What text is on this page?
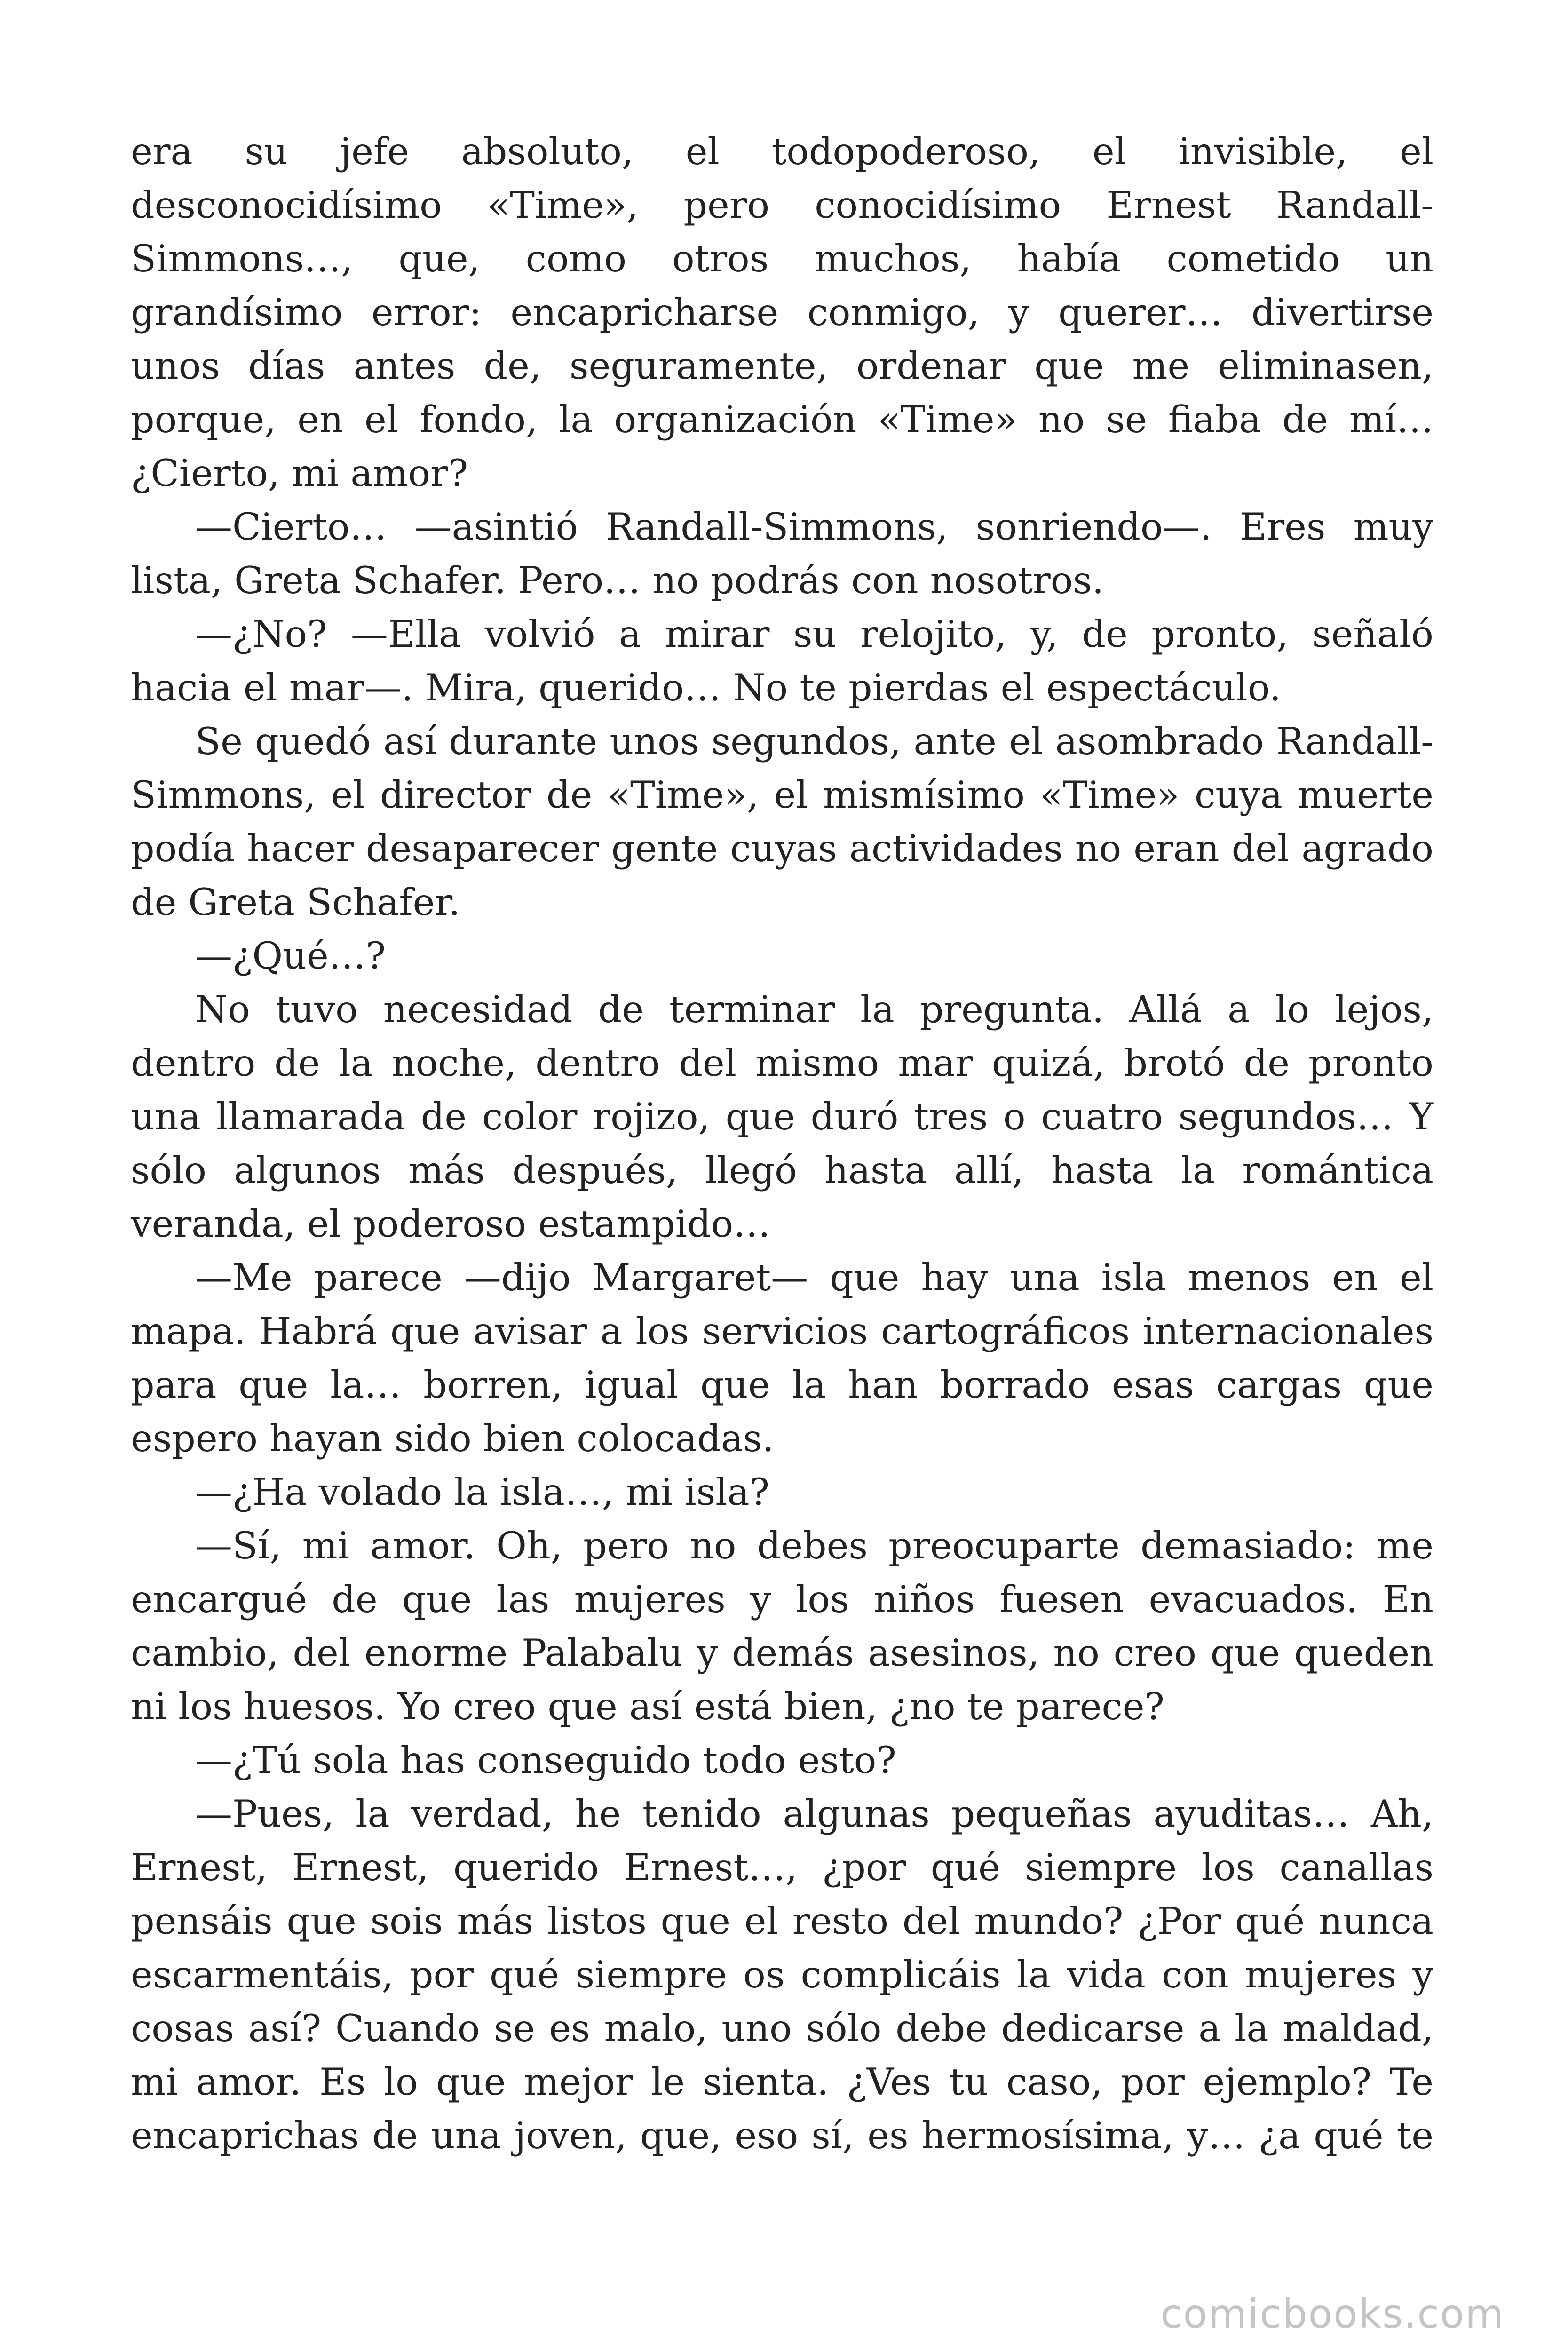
era su jefe absoluto, el todopoderoso, el invisible, el
desconocidísimo «Time», pero conocidísimo Ernest Randall-
Simmons…, que, como otros muchos, había cometido un
grandísimo error: encapricharse conmigo, y querer… divertirse
unos días antes de, seguramente, ordenar que me eliminasen,
porque, en el fondo, la organización «Time» no se fiaba de mí…
¿Cierto, mi amor?
—Cierto… —asintió Randall-Simmons, sonriendo—. Eres muy
lista, Greta Schafer. Pero… no podrás con nosotros.
—¿No? —Ella volvió a mirar su relojito, y, de pronto, señaló
hacia el mar—. Mira, querido… No te pierdas el espectáculo.
Se quedó así durante unos segundos, ante el asombrado Randall-
Simmons, el director de «Time», el mismísimo «Time» cuya muerte
podía hacer desaparecer gente cuyas actividades no eran del agrado
de Greta Schafer.
—¿Qué…?
No tuvo necesidad de terminar la pregunta. Allá a lo lejos,
dentro de la noche, dentro del mismo mar quizá, brotó de pronto
una llamarada de color rojizo, que duró tres o cuatro segundos… Y
sólo algunos más después, llegó hasta allí, hasta la romántica
veranda, el poderoso estampido…
—Me parece —dijo Margaret— que hay una isla menos en el
mapa. Habrá que avisar a los servicios cartográficos internacionales
para que la… borren, igual que la han borrado esas cargas que
espero hayan sido bien colocadas.
—¿Ha volado la isla…, mi isla?
—Sí, mi amor. Oh, pero no debes preocuparte demasiado: me
encargué de que las mujeres y los niños fuesen evacuados. En
cambio, del enorme Palabalu y demás asesinos, no creo que queden
ni los huesos. Yo creo que así está bien, ¿no te parece?
—¿Tú sola has conseguido todo esto?
—Pues, la verdad, he tenido algunas pequeñas ayuditas… Ah,
Ernest, Ernest, querido Ernest…, ¿por qué siempre los canallas
pensáis que sois más listos que el resto del mundo? ¿Por qué nunca
escarmentáis, por qué siempre os complicáis la vida con mujeres y
cosas así? Cuando se es malo, uno sólo debe dedicarse a la maldad,
mi amor. Es lo que mejor le sienta. ¿Ves tu caso, por ejemplo? Te
encaprichas de una joven, que, eso sí, es hermosísima, y… ¿a qué te
comicbooks.com
